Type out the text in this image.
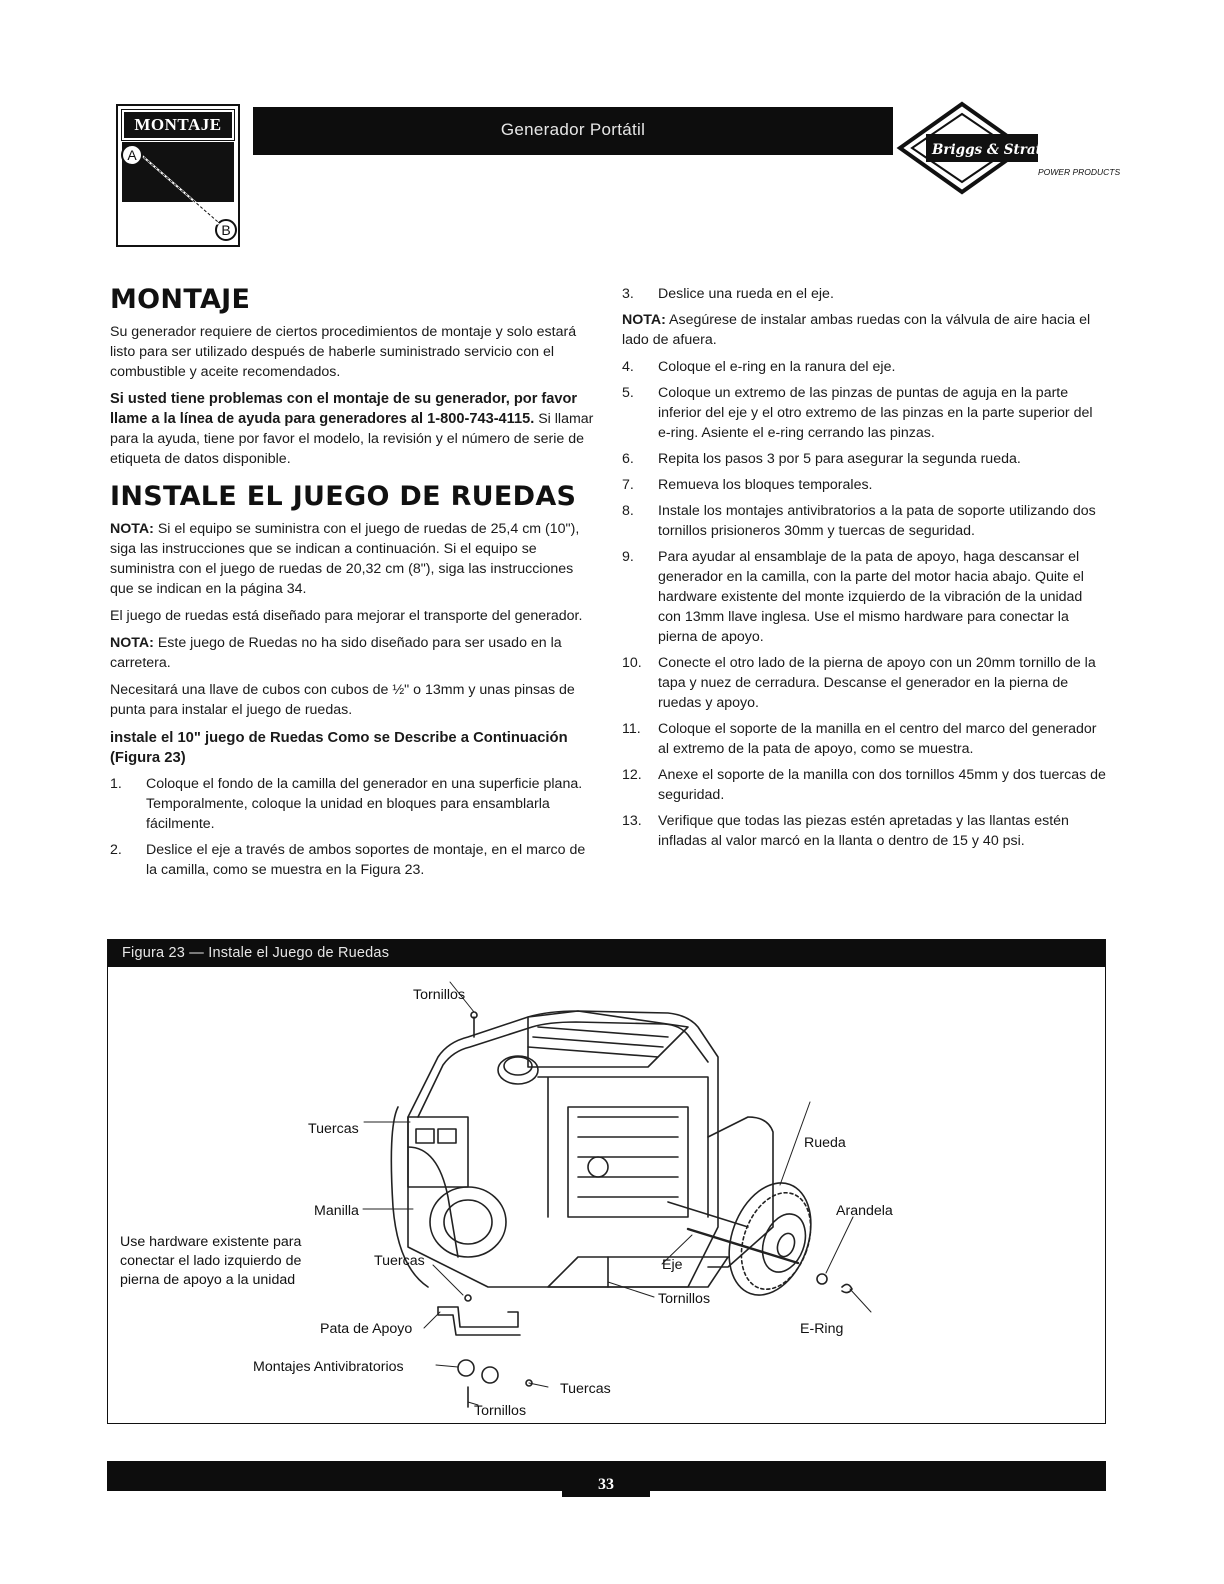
MONTAJE
A
B
Generador Portátil
Briggs & Stratton
POWER PRODUCTS
MONTAJE

Su generador requiere de ciertos procedimientos de montaje y solo estará listo para ser utilizado después de haberle suministrado servicio con el combustible y aceite recomendados.

Si usted tiene problemas con el montaje de su generador, por favor llame a la línea de ayuda para generadores al 1-800-743-4115. Si llamar para la ayuda, tiene por favor el modelo, la revisión y el número de serie de etiqueta de datos disponible.

INSTALE EL JUEGO DE RUEDAS

NOTA: Si el equipo se suministra con el juego de ruedas de 25,4 cm (10"), siga las instrucciones que se indican a continuación. Si el equipo se suministra con el juego de ruedas de 20,32 cm (8"), siga las instrucciones que se indican en la página 34.

El juego de ruedas está diseñado para mejorar el transporte del generador.

NOTA: Este juego de Ruedas no ha sido diseñado para ser usado en la carretera.

Necesitará una llave de cubos con cubos de ½" o 13mm y unas pinsas de punta para instalar el juego de ruedas.

instale el 10" juego de Ruedas Como se Describe a Continuación (Figura 23)
1. Coloque el fondo de la camilla del generador en una superficie plana. Temporalmente, coloque la unidad en bloques para ensamblarla fácilmente.
2. Deslice el eje a través de ambos soportes de montaje, en el marco de la camilla, como se muestra en la Figura 23.
3. Deslice una rueda en el eje.

NOTA: Asegúrese de instalar ambas ruedas con la válvula de aire hacia el lado de afuera.

4. Coloque el e-ring en la ranura del eje.
5. Coloque un extremo de las pinzas de puntas de aguja en la parte inferior del eje y el otro extremo de las pinzas en la parte superior del e-ring. Asiente el e-ring cerrando las pinzas.
6. Repita los pasos 3 por 5 para asegurar la segunda rueda.
7. Remueva los bloques temporales.
8. Instale los montajes antivibratorios a la pata de soporte utilizando dos tornillos prisioneros 30mm y tuercas de seguridad.
9. Para ayudar al ensamblaje de la pata de apoyo, haga descansar el generador en la camilla, con la parte del motor hacia abajo. Quite el hardware existente del monte izquierdo de la vibración de la unidad con 13mm llave inglesa. Use el mismo hardware para conectar la pierna de apoyo.
10. Conecte el otro lado de la pierna de apoyo con un 20mm tornillo de la tapa y nuez de cerradura. Descanse el generador en la pierna de ruedas y apoyo.
11. Coloque el soporte de la manilla en el centro del marco del generador al extremo de la pata de apoyo, como se muestra.
12. Anexe el soporte de la manilla con dos tornillos 45mm y dos tuercas de seguridad.
13. Verifique que todas las piezas estén apretadas y las llantas estén infladas al valor marcó en la llanta o dentro de 15 y 40 psi.
Figura 23 — Instale el Juego de Ruedas
Tornillos
Tuercas
Manilla
Tuercas
Pata de Apoyo
Montajes Antivibratorios
Tuercas
Tornillos
Eje
Tornillos
Rueda
Arandela
E-Ring
Use hardware existente para conectar el lado izquierdo de pierna de apoyo a la unidad
33
